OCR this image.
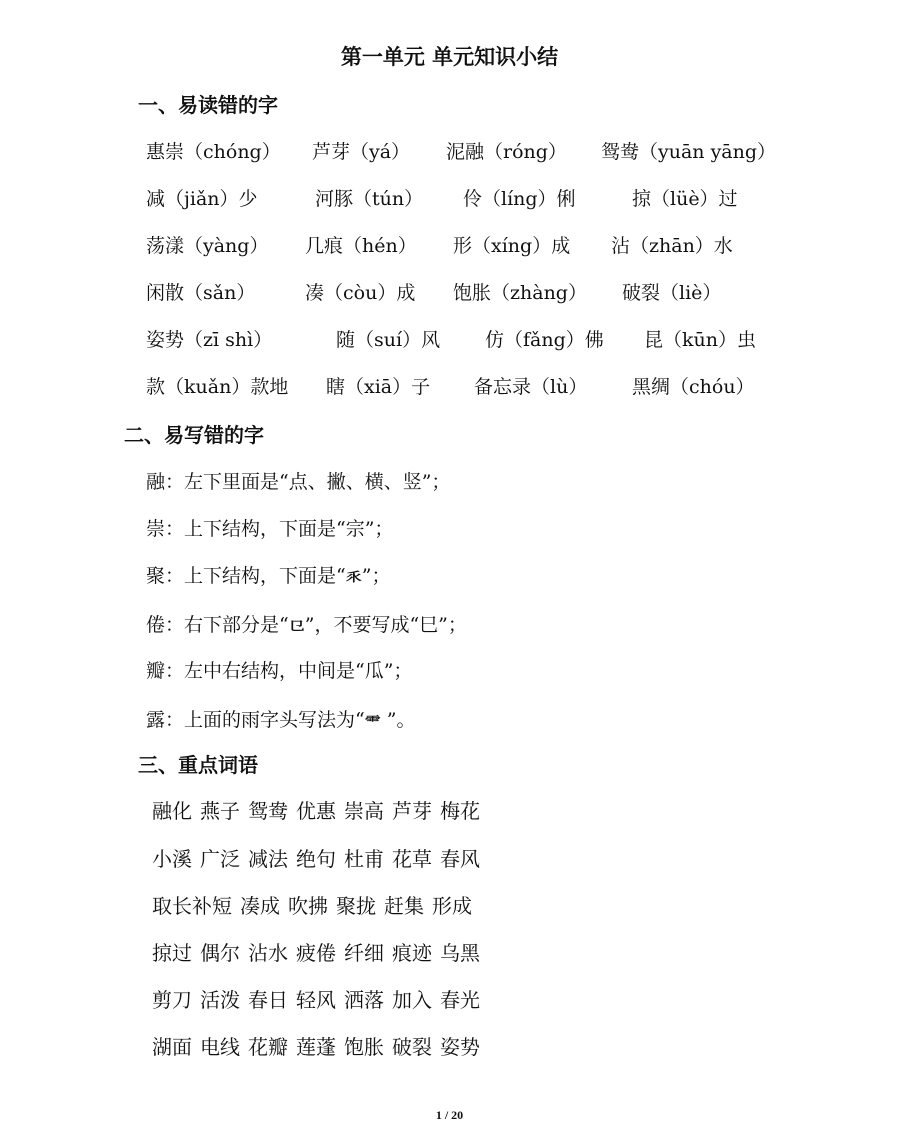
第一单元 单元知识小结
一、易读错的字
惠崇（chóng） 芦芽（yá） 泥融（róng） 鸳鸯（yuān yāng）
减（jiǎn）少	河豚（tún） 伶（líng）俐	掠（lüè）过
荡漾（yàng） 几痕（hén） 形（xíng）成 沾（zhān）水
闲散（sǎn）	凑（còu）成 饱胀（zhàng） 破裂（liè）
姿势（zī shì）	随（suí）风 仿（fǎng）佛 昆（kūn）虫
款（kuǎn）款地 瞎（xiā）子 备忘录（lù） 黑绸（chóu）
二、易写错的字
融：左下里面是“点、撇、横、竖”；
崇：上下结构，下面是“宗”；
聚：上下结构，下面是“乑”；
倦：右下部分是“㔾”，不要写成“巳”；
瓣：左中右结构，中间是“瓜”；
露：上面的雨字头写法为“⻗ ”。
三、重点词语
融化 燕子 鸳鸯 优惠 崇高 芦芽 梅花
小溪 广泛 减法 绝句 杜甫 花草 春风
取长补短 凑成 吹拂 聚拢 赶集 形成
掠过 偶尔 沾水 疲倦 纤细 痕迹 乌黑
剪刀 活泼 春日 轻风 洒落 加入 春光
湖面 电线 花瓣 莲蓬 饱胀 破裂 姿势
1 / 20
